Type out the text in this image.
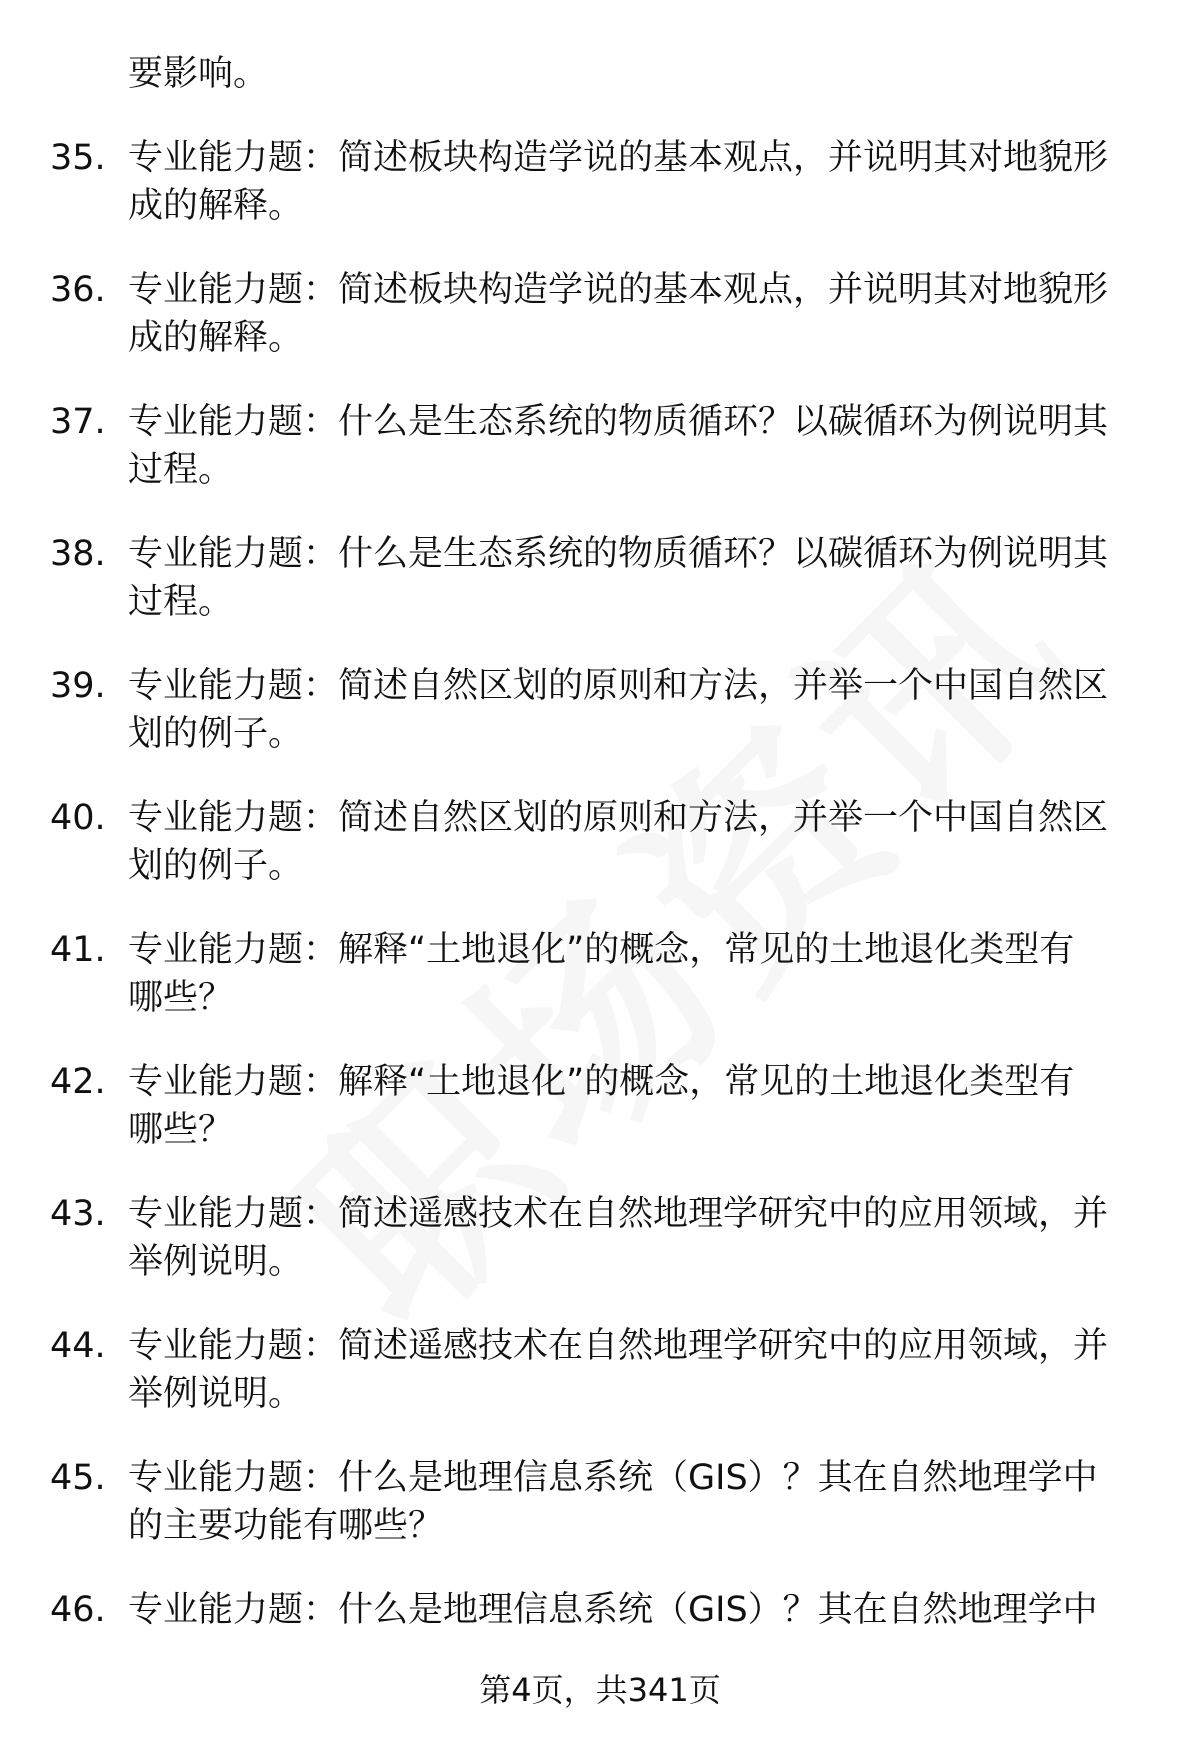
要影响。
35. 专业能力题：简述板块构造学说的基本观点，并说明其对地貌形
成的解释。
36. 专业能力题：简述板块构造学说的基本观点，并说明其对地貌形
成的解释。
37. 专业能力题：什么是生态系统的物质循环？以碳循环为例说明其
过程。
38. 专业能力题：什么是生态系统的物质循环？以碳循环为例说明其
过程。
39. 专业能力题：简述自然区划的原则和方法，并举一个中国自然区
划的例子。
40. 专业能力题：简述自然区划的原则和方法，并举一个中国自然区
划的例子。
41. 专业能力题：解释“土地退化”的概念，常见的土地退化类型有
哪些？
42. 专业能力题：解释“土地退化”的概念，常见的土地退化类型有
哪些？
43. 专业能力题：简述遥感技术在自然地理学研究中的应用领域，并
举例说明。
44. 专业能力题：简述遥感技术在自然地理学研究中的应用领域，并
举例说明。
45. 专业能力题：什么是地理信息系统（GIS）？其在自然地理学中
的主要功能有哪些？
46. 专业能力题：什么是地理信息系统（GIS）？其在自然地理学中
第4页，共341页
